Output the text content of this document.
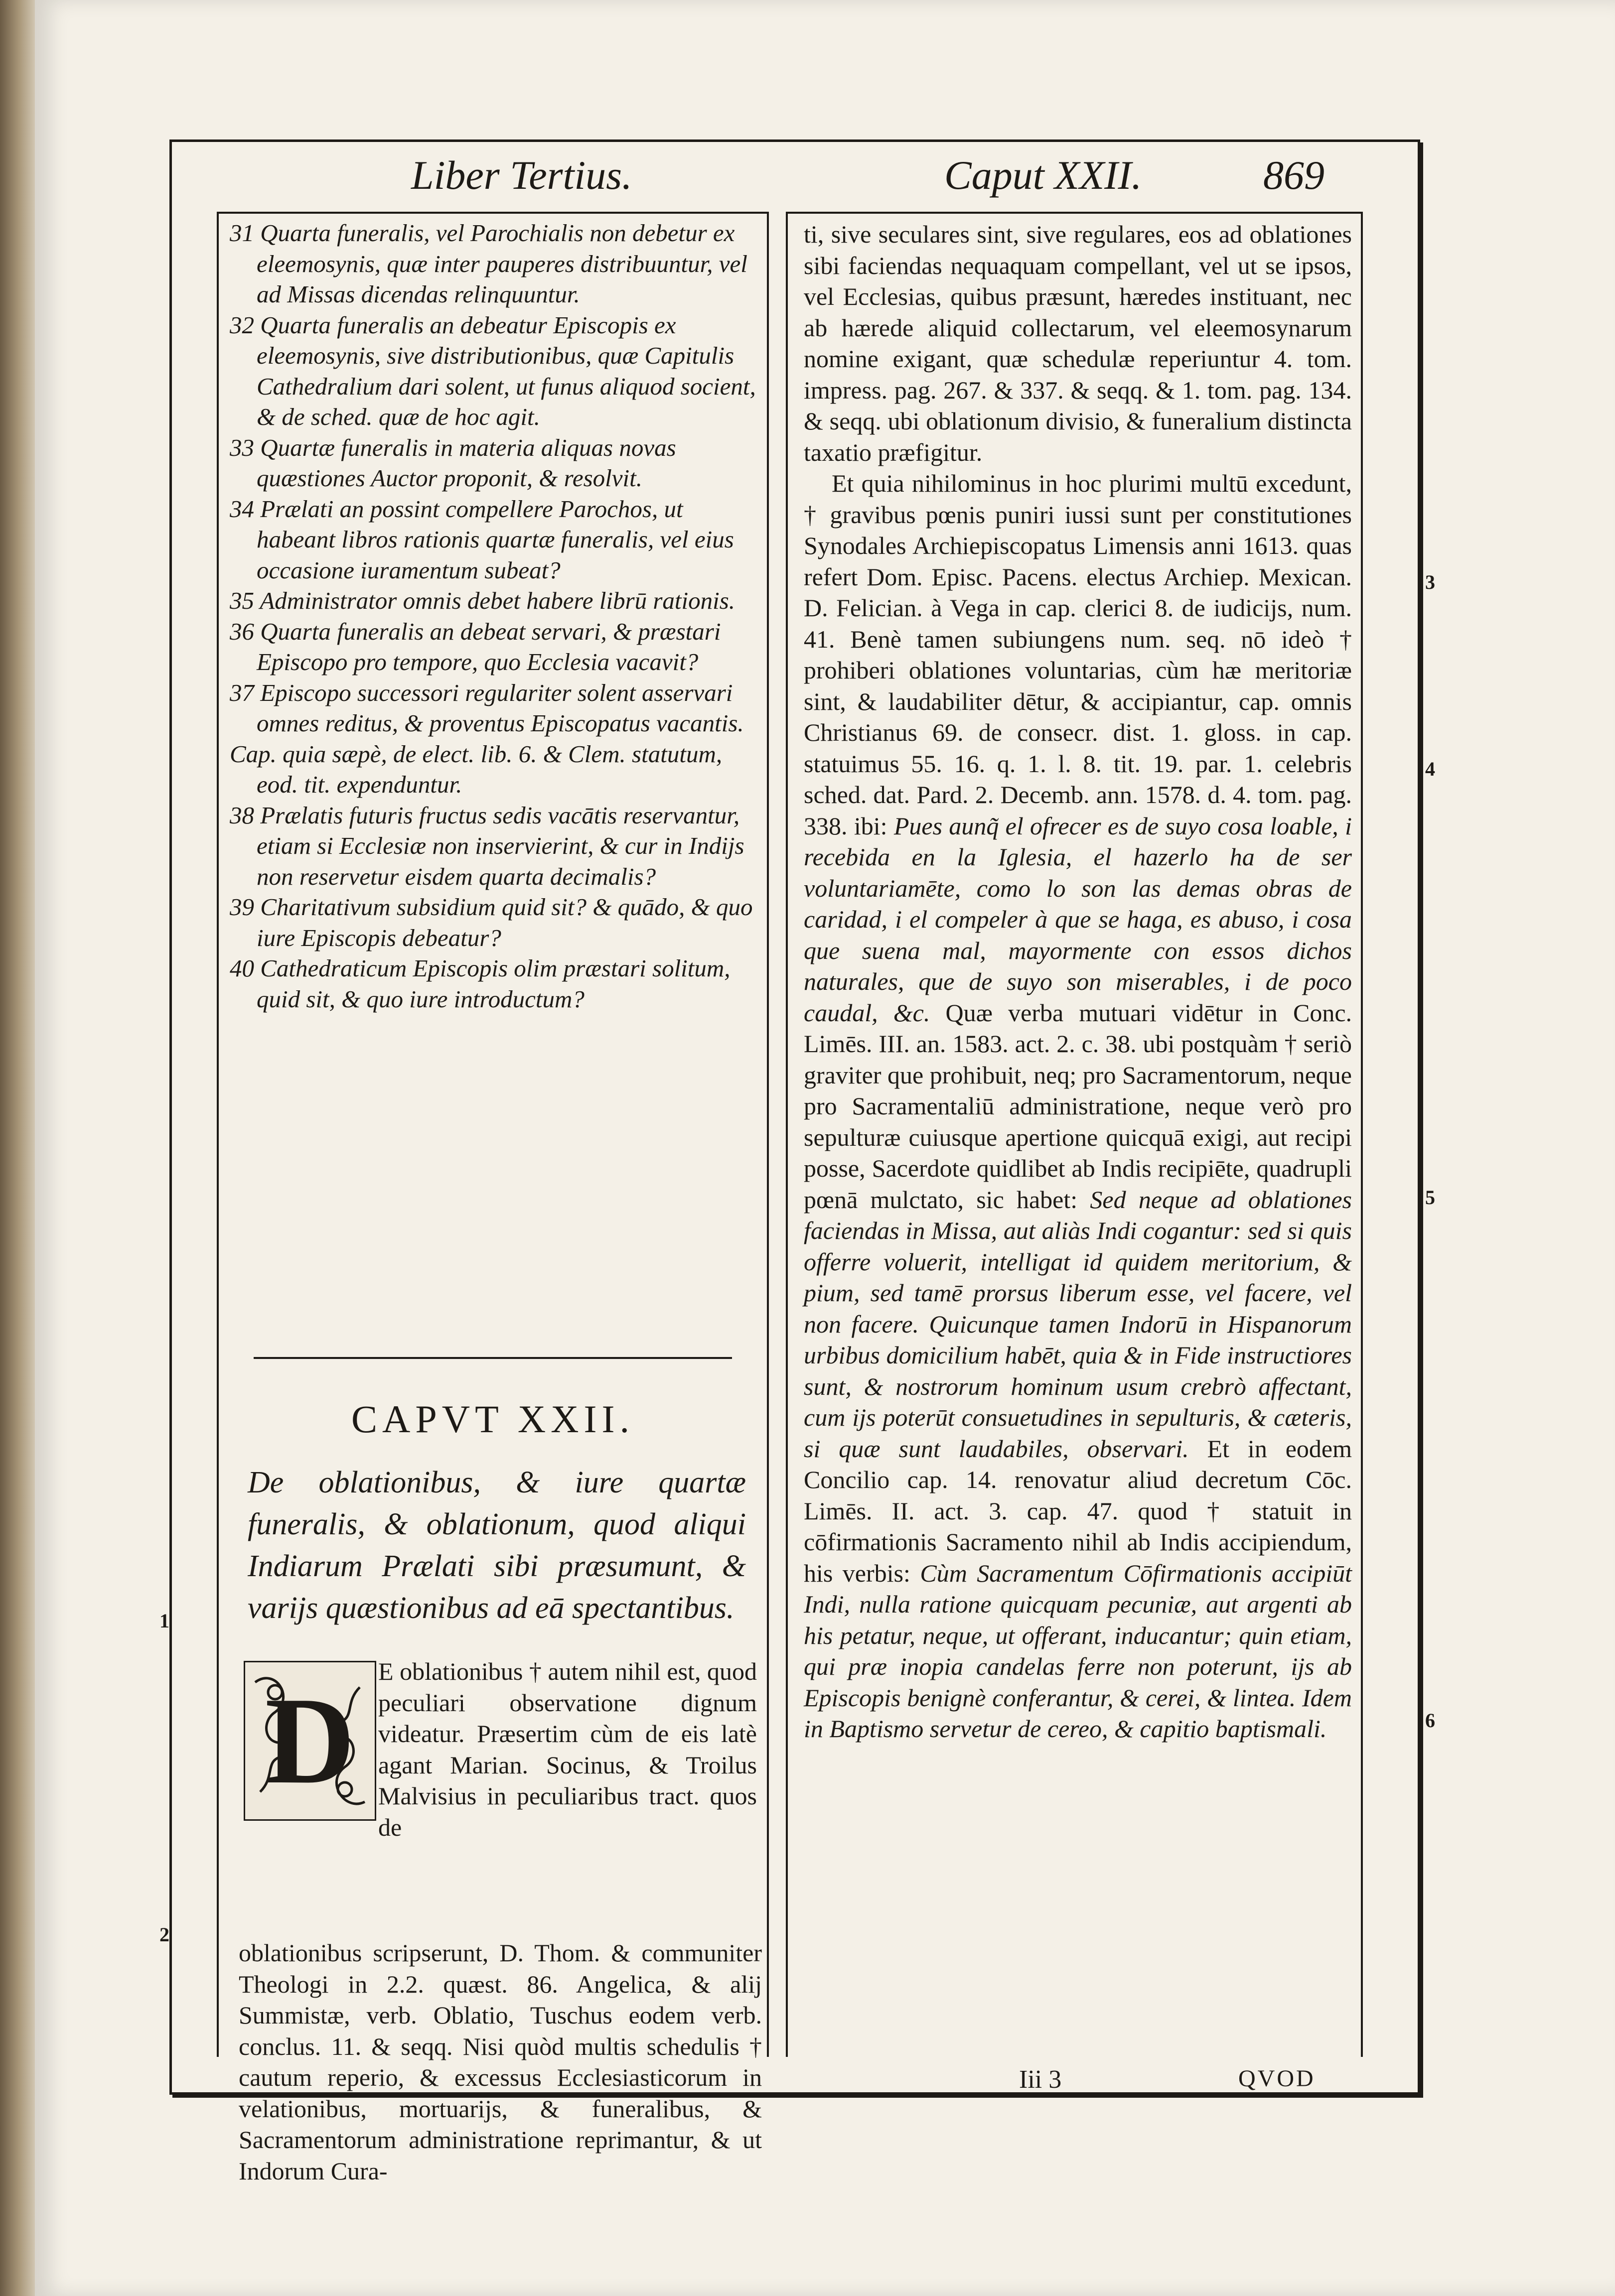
Liber Tertius.	Caput XXII.	869
31 Quarta funeralis, vel Parochialis non debetur ex eleemosynis, quæ inter pauperes distribuuntur, vel ad Missas dicendas relinquuntur.
32 Quarta funeralis an debeatur Episcopis ex eleemosynis, sive distributionibus, quæ Capitulis Cathedralium dari solent, ut funus aliquod socient, & de sched. quæ de hoc agit.
33 Quartæ funeralis in materia aliquas novas quæstiones Auctor proponit, & resolvit.
34 Prælati an possint compellere Parochos, ut habeant libros rationis quartæ funeralis, vel eius occasione iuramentum subeat?
35 Administrator omnis debet habere librū rationis.
36 Quarta funeralis an debeat servari, & præstari Episcopo pro tempore, quo Ecclesia vacavit?
37 Episcopo successori regulariter solent asservari omnes reditus, & proventus Episcopatus vacantis.
Cap. quia sæpè, de elect. lib. 6. & Clem. statutum, eod. tit. expenduntur.
38 Prælatis futuris fructus sedis vacātis reservantur, etiam si Ecclesiæ non inservierint, & cur in Indijs non reservetur eisdem quarta decimalis?
39 Charitativum subsidium quid sit? & quādo, & quo iure Episcopis debeatur?
40 Cathedraticum Episcopis olim præstari solitum, quid sit, & quo iure introductum?
CAPVT XXII.
De oblationibus, & iure quartæ funeralis, & oblationum, quod aliqui Indiarum Prælati sibi præsumunt, & varijs quæstionibus ad eā spectantibus.
D
E oblationibus † autem nihil est, quod peculiari observatione dignum videatur. Præsertim cùm de eis latè agant Marian. Socinus, & Troilus Malvisius in peculiaribus tract. quos de
oblationibus scripserunt, D. Thom. & communiter Theologi in 2.2. quæst. 86. Angelica, & alij Summistæ, verb. Oblatio, Tuschus eodem verb. conclus. 11. & seqq. Nisi quòd multis schedulis † cautum reperio, & excessus Ecclesiasticorum in velationibus, mortuarijs, & funeralibus, & Sacramentorum administratione reprimantur, & ut Indorum Cura-

ti, sive seculares sint, sive regulares, eos ad oblationes sibi faciendas nequaquam compellant, vel ut se ipsos, vel Ecclesias, quibus præsunt, hæredes instituant, nec ab hærede aliquid collectarum, vel eleemosynarum nomine exigant, quæ schedulæ reperiuntur 4. tom. impress. pag. 267. & 337. & seqq. & 1. tom. pag. 134. & seqq. ubi oblationum divisio, & funeralium distincta taxatio præfigitur.

Et quia nihilominus in hoc plurimi multū excedunt, † gravibus pœnis puniri iussi sunt per constitutiones Synodales Archiepiscopatus Limensis anni 1613. quas refert Dom. Episc. Pacens. electus Archiep. Mexican. D. Felician. à Vega in cap. clerici 8. de iudicijs, num. 41. Benè tamen subiungens num. seq. nō ideò † prohiberi oblationes voluntarias, cùm hæ meritoriæ sint, & laudabiliter dētur, & accipiantur, cap. omnis Christianus 69. de consecr. dist. 1. gloss. in cap. statuimus 55. 16. q. 1. l. 8. tit. 19. par. 1. celebris sched. dat. Pard. 2. Decemb. ann. 1578. d. 4. tom. pag. 338. ibi: Pues aunq̃ el ofrecer es de suyo cosa loable, i recebida en la Iglesia, el hazerlo ha de ser voluntariamēte, como lo son las demas obras de caridad, i el compeler à que se haga, es abuso, i cosa que suena mal, mayormente con essos dichos naturales, que de suyo son miserables, i de poco caudal, &c. Quæ verba mutuari vidētur in Conc. Limēs. III. an. 1583. act. 2. c. 38. ubi postquàm † seriò graviter que prohibuit, neq; pro Sacramentorum, neque pro Sacramentaliū administratione, neque verò pro sepulturæ cuiusque apertione quicquā exigi, aut recipi posse, Sacerdote quidlibet ab Indis recipiēte, quadrupli pœnā mulctato, sic habet: Sed neque ad oblationes faciendas in Missa, aut aliàs Indi cogantur: sed si quis offerre voluerit, intelligat id quidem meritorium, & pium, sed tamē prorsus liberum esse, vel facere, vel non facere. Quicunque tamen Indorū in Hispanorum urbibus domicilium habēt, quia & in Fide instructiores sunt, & nostrorum hominum usum crebrò affectant, cum ijs poterūt consuetudines in sepulturis, & cæteris, si quæ sunt laudabiles, observari. Et in eodem Concilio cap. 14. renovatur aliud decretum Cōc. Limēs. II. act. 3. cap. 47. quod † statuit in cōfirmationis Sacramento nihil ab Indis accipiendum, his verbis: Cùm Sacramentum Cōfirmationis accipiūt Indi, nulla ratione quicquam pecuniæ, aut argenti ab his petatur, neque, ut offerant, inducantur; quin etiam, qui præ inopia candelas ferre non poterunt, ijs ab Episcopis benignè conferantur, & cerei, & lintea. Idem in Baptismo servetur de cereo, & capitio baptismali.

Iii 3	QVOD
1
2
3
4
5
6
